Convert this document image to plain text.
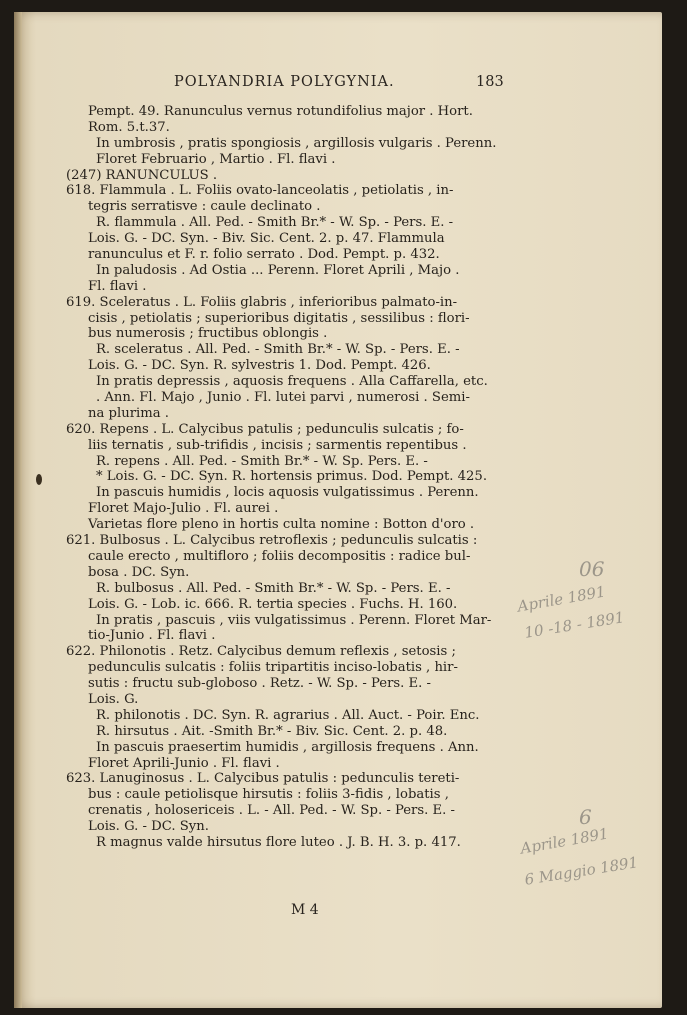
POLYANDRIA POLYGYNIA.	183
Pempt. 49. Ranunculus vernus rotundifolius major . Hort.
Rom. 5.t.37.
In umbrosis , pratis spongiosis , argillosis vulgaris . Perenn.
Floret Februario , Martio . Fl. flavi .
(247) RANUNCULUS .
618. Flammula . L. Foliis ovato-lanceolatis , petiolatis , in-
tegris serratisve : caule declinato .
R. flammula . All. Ped. - Smith Br.* - W. Sp. - Pers. E. -
Lois. G. - DC. Syn. - Biv. Sic. Cent. 2. p. 47. Flammula
ranunculus et F. r. folio serrato . Dod. Pempt. p. 432.
In paludosis . Ad Ostia ... Perenn. Floret Aprili , Majo .
Fl. flavi .
619. Sceleratus . L. Foliis glabris , inferioribus palmato-in-
cisis , petiolatis ; superioribus digitatis , sessilibus : flori-
bus numerosis ; fructibus oblongis .
R. sceleratus . All. Ped. - Smith Br.* - W. Sp. - Pers. E. -
Lois. G. - DC. Syn. R. sylvestris 1. Dod. Pempt. 426.
In pratis depressis , aquosis frequens . Alla Caffarella, etc.
. Ann. Fl. Majo , Junio . Fl. lutei parvi , numerosi . Semi-
na plurima .
620. Repens . L. Calycibus patulis ; pedunculis sulcatis ; fo-
liis ternatis , sub-trifidis , incisis ; sarmentis repentibus .
R. repens . All. Ped. - Smith Br.* - W. Sp. Pers. E. -
* Lois. G. - DC. Syn. R. hortensis primus. Dod. Pempt. 425.
In pascuis humidis , locis aquosis vulgatissimus . Perenn.
Floret Majo-Julio . Fl. aurei .
Varietas flore pleno in hortis culta nomine : Botton d'oro .
621. Bulbosus . L. Calycibus retroflexis ; pedunculis sulcatis :
caule erecto , multifloro ; foliis decompositis : radice bul-
bosa . DC. Syn.
R. bulbosus . All. Ped. - Smith Br.* - W. Sp. - Pers. E. -
Lois. G. - Lob. ic. 666. R. tertia species . Fuchs. H. 160.
In pratis , pascuis , viis vulgatissimus . Perenn. Floret Mar-
tio-Junio . Fl. flavi .
622. Philonotis . Retz. Calycibus demum reflexis , setosis ;
pedunculis sulcatis : foliis tripartitis inciso-lobatis , hir-
sutis : fructu sub-globoso . Retz. - W. Sp. - Pers. E. -
Lois. G.
R. philonotis . DC. Syn. R. agrarius . All. Auct. - Poir. Enc.
R. hirsutus . Ait. -Smith Br.* - Biv. Sic. Cent. 2. p. 48.
In pascuis praesertim humidis , argillosis frequens . Ann.
Floret Aprili-Junio . Fl. flavi .
623. Lanuginosus . L. Calycibus patulis : pedunculis tereti-
bus : caule petiolisque hirsutis : foliis 3-fidis , lobatis ,
crenatis , holosericeis . L. - All. Ped. - W. Sp. - Pers. E. -
Lois. G. - DC. Syn.
R magnus valde hirsutus flore luteo . J. B. H. 3. p. 417.
M 4
06
Aprile 1891
10 -18 - 1891
6
Aprile 1891
6 Maggio 1891
